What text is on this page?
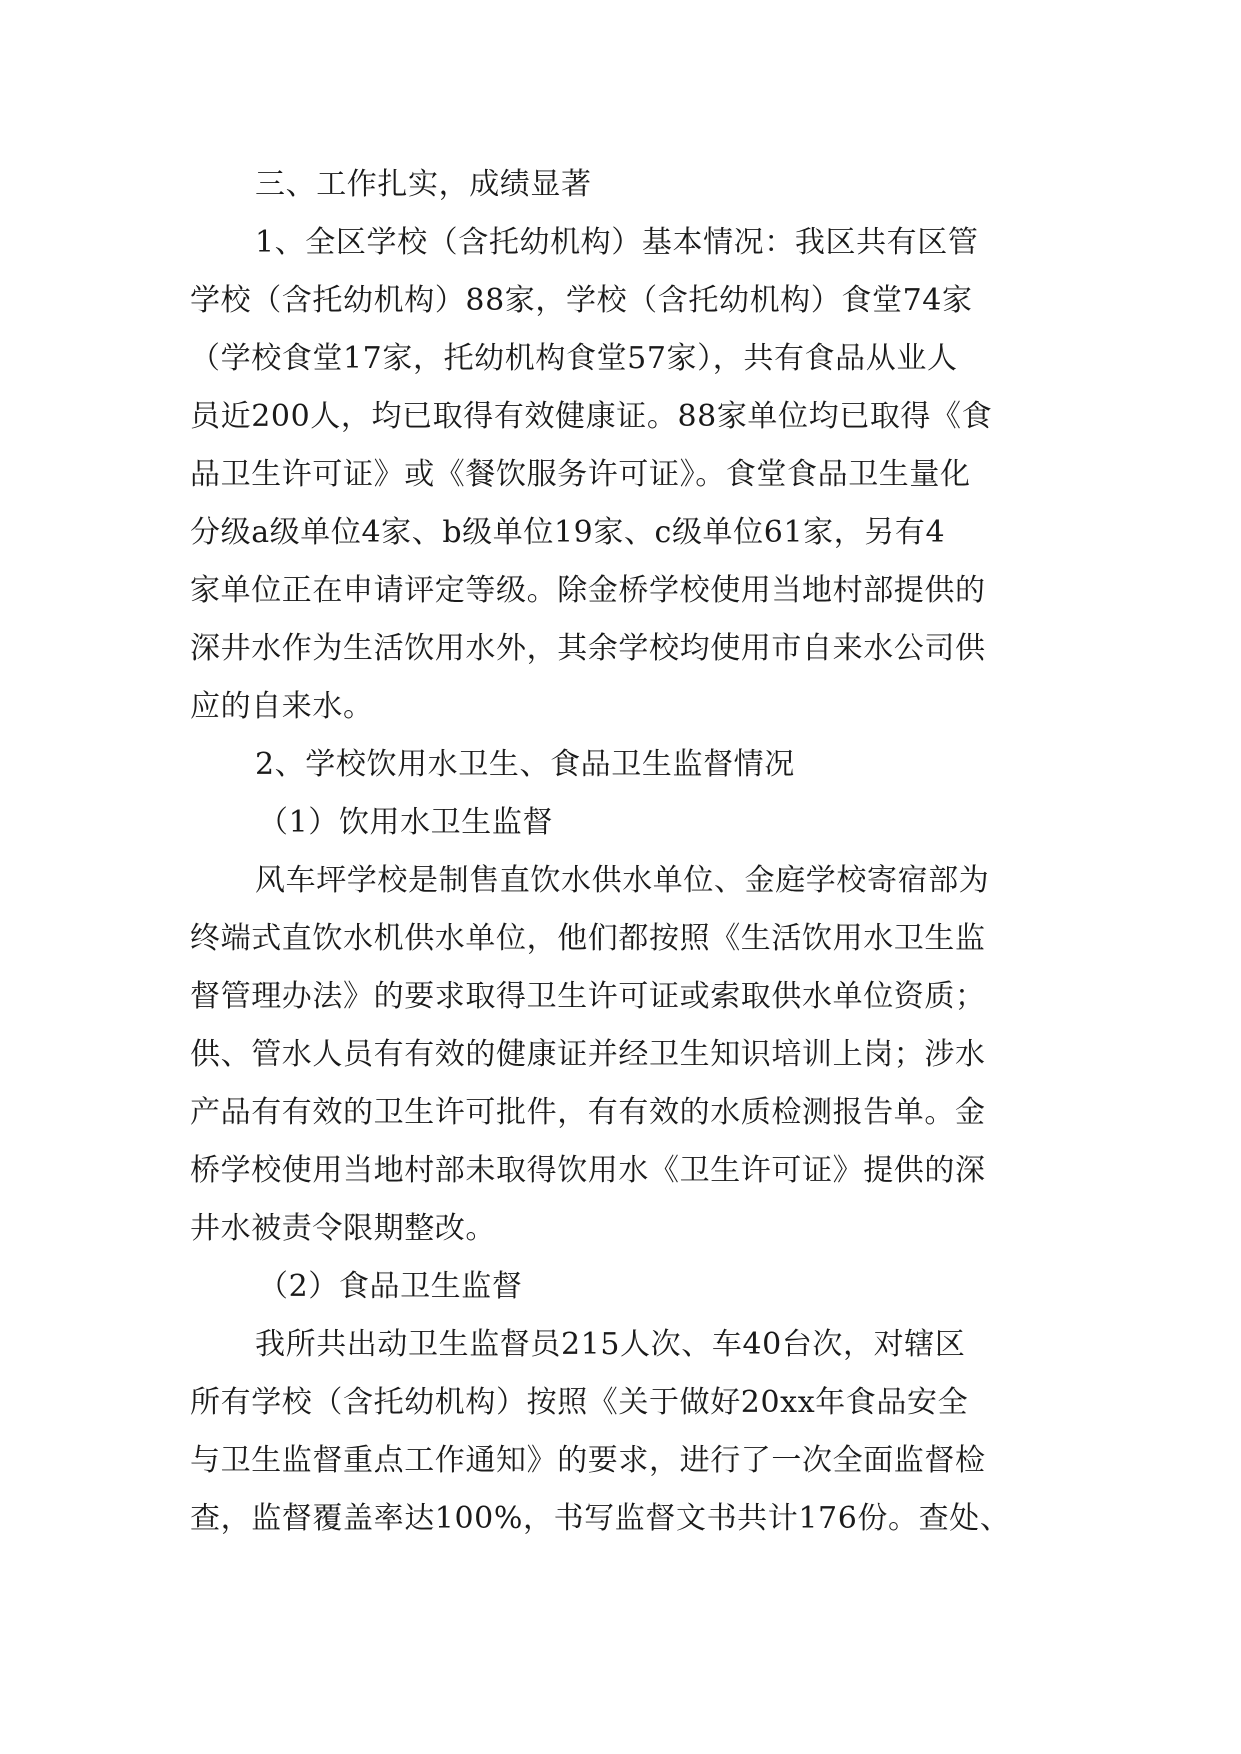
三、工作扎实，成绩显著
1、全区学校（含托幼机构）基本情况：我区共有区管
学校（含托幼机构）88家，学校（含托幼机构）食堂74家
（学校食堂17家，托幼机构食堂57家），共有食品从业人
员近200人，均已取得有效健康证。88家单位均已取得《食
品卫生许可证》或《餐饮服务许可证》。食堂食品卫生量化
分级a级单位4家、b级单位19家、c级单位61家，另有4
家单位正在申请评定等级。除金桥学校使用当地村部提供的
深井水作为生活饮用水外，其余学校均使用市自来水公司供
应的自来水。
2、学校饮用水卫生、食品卫生监督情况
（1）饮用水卫生监督
风车坪学校是制售直饮水供水单位、金庭学校寄宿部为
终端式直饮水机供水单位，他们都按照《生活饮用水卫生监
督管理办法》的要求取得卫生许可证或索取供水单位资质；
供、管水人员有有效的健康证并经卫生知识培训上岗；涉水
产品有有效的卫生许可批件，有有效的水质检测报告单。金
桥学校使用当地村部未取得饮用水《卫生许可证》提供的深
井水被责令限期整改。
（2）食品卫生监督
我所共出动卫生监督员215人次、车40台次，对辖区
所有学校（含托幼机构）按照《关于做好20xx年食品安全
与卫生监督重点工作通知》的要求，进行了一次全面监督检
查，监督覆盖率达100%，书写监督文书共计176份。查处、
